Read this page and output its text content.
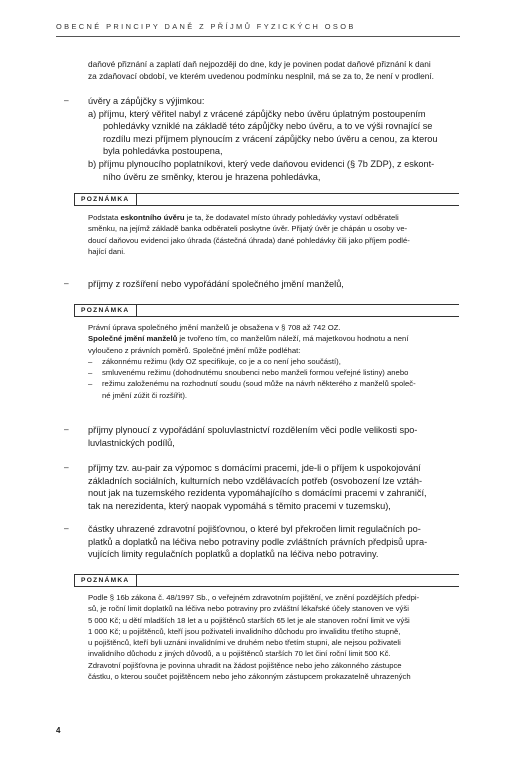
OBECNÉ PRINCIPY DANĚ Z PŘÍJMŮ FYZICKÝCH OSOB
daňové přiznání a zaplatí daň nejpozději do dne, kdy je povinen podat daňové přiznání k dani
za zdaňovací období, ve kterém uvedenou podmínku nesplnil, má se za to, že není v prodlení.
– úvěry a zápůjčky s výjimkou:
a) příjmu, který věřitel nabyl z vrácené zápůjčky nebo úvěru úplatným postoupením
pohledávky vzniklé na základě této zápůjčky nebo úvěru, a to ve výši rovnající se
rozdílu mezi příjmem plynoucím z vrácení zápůjčky nebo úvěru a cenou, za kterou
byla pohledávka postoupena,
b) příjmu plynoucího poplatníkovi, který vede daňovou evidenci (§ 7b ZDP), z eskont-
ního úvěru ze směnky, kterou je hrazena pohledávka,
POZNÁMKA
Podstata eskontního úvěru je ta, že dodavatel místo úhrady pohledávky vystaví odběrateli
směnku, na jejímž základě banka odběrateli poskytne úvěr. Přijatý úvěr je chápán u osoby ve-
doucí daňovou evidenci jako úhrada (částečná úhrada) dané pohledávky čili jako příjem podlé-
hající dani.
– příjmy z rozšíření nebo vypořádání společného jmění manželů,
POZNÁMKA
Právní úprava společného jmění manželů je obsažena v § 708 až 742 OZ.
Společné jmění manželů je tvořeno tím, co manželům náleží, má majetkovou hodnotu a není
vyloučeno z právních poměrů. Společné jmění může podléhat:
– zákonnému režimu (kdy OZ specifikuje, co je a co není jeho součástí),
– smluvenému režimu (dohodnutému snoubenci nebo manželi formou veřejné listiny) anebo
– režimu založenému na rozhodnutí soudu (soud může na návrh některého z manželů společ-
né jmění zúžit či rozšířit).
– příjmy plynoucí z vypořádání spoluvlastnictví rozdělením věci podle velikosti spo-
luvlastnických podílů,
– příjmy tzv. au-pair za výpomoc s domácími pracemi, jde-li o příjem k uspokojování
základních sociálních, kulturních nebo vzdělávacích potřeb (osvobození lze vztáh-
nout jak na tuzemského rezidenta vypomáhajícího s domácími pracemi v zahraničí,
tak na nerezidenta, který naopak vypomáhá s těmito pracemi v tuzemsku),
– částky uhrazené zdravotní pojišťovnou, o které byl překročen limit regulačních po-
platků a doplatků na léčiva nebo potraviny podle zvláštních právních předpisů upra-
vujících limity regulačních poplatků a doplatků na léčiva nebo potraviny.
POZNÁMKA
Podle § 16b zákona č. 48/1997 Sb., o veřejném zdravotním pojištění, ve znění pozdějších předpi-
sů, je roční limit doplatků na léčiva nebo potraviny pro zvláštní lékařské účely stanoven ve výši
5 000 Kč; u dětí mladších 18 let a u pojištěnců starších 65 let je ale stanoven roční limit ve výši
1 000 Kč; u pojištěnců, kteří jsou poživateli invalidního důchodu pro invaliditu třetího stupně,
u pojištěnců, kteří byli uznáni invalidními ve druhém nebo třetím stupni, ale nejsou poživateli
invalidního důchodu z jiných důvodů, a u pojištěnců starších 70 let činí roční limit 500 Kč.
Zdravotní pojišťovna je povinna uhradit na žádost pojištěnce nebo jeho zákonného zástupce
částku, o kterou součet pojištěncem nebo jeho zákonným zástupcem prokazatelně uhrazených
4
